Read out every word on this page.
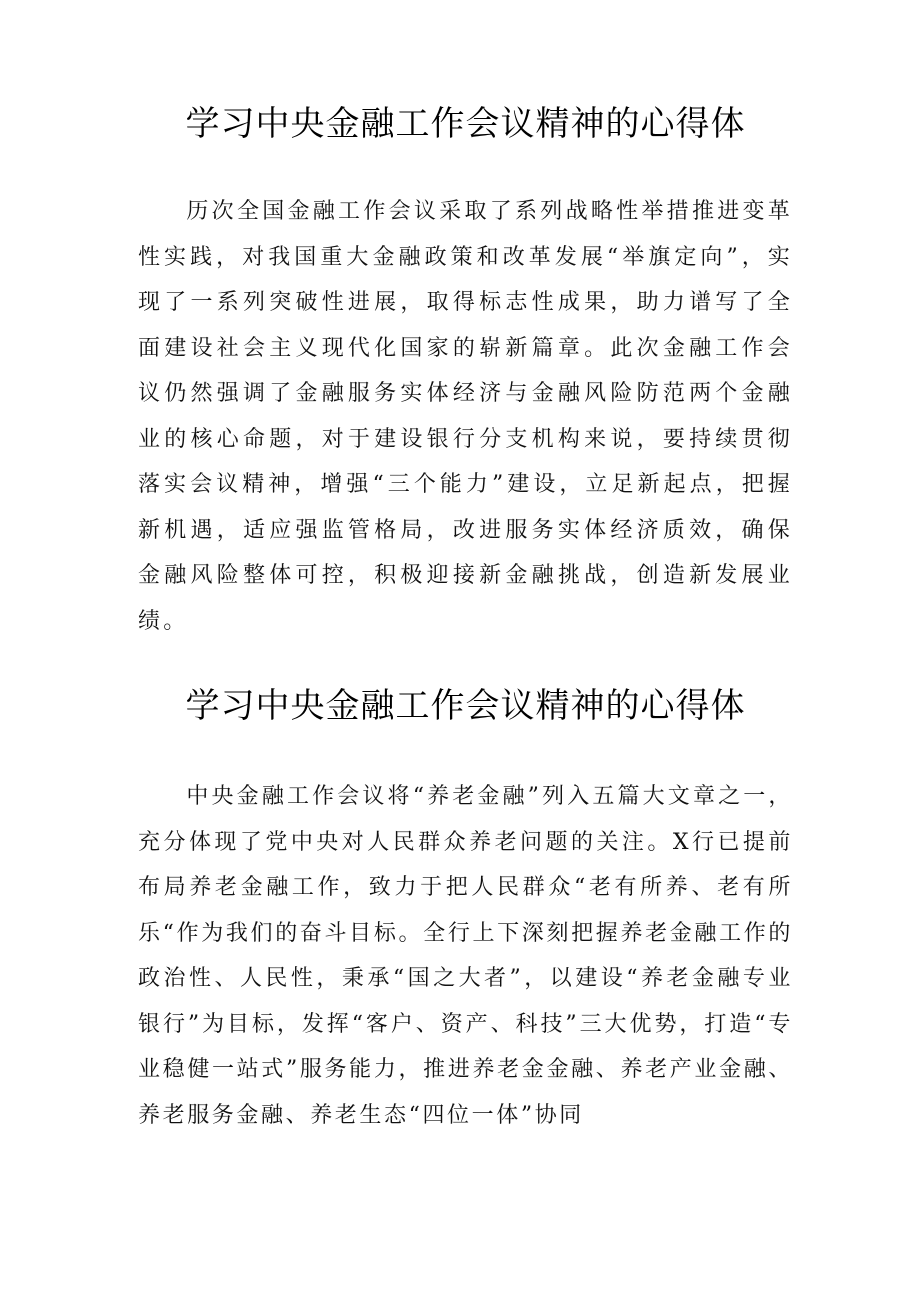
学习中央金融工作会议精神的心得体

历次全国金融工作会议采取了系列战略性举措推进变革性实践，对我国重大金融政策和改革发展“举旗定向”，实现了一系列突破性进展，取得标志性成果，助力谱写了全面建设社会主义现代化国家的崭新篇章。此次金融工作会议仍然强调了金融服务实体经济与金融风险防范两个金融业的核心命题，对于建设银行分支机构来说，要持续贯彻落实会议精神，增强“三个能力”建设，立足新起点，把握新机遇，适应强监管格局，改进服务实体经济质效，确保金融风险整体可控，积极迎接新金融挑战，创造新发展业绩。

学习中央金融工作会议精神的心得体

中央金融工作会议将“养老金融”列入五篇大文章之一，充分体现了党中央对人民群众养老问题的关注。X行已提前布局养老金融工作，致力于把人民群众“老有所养、老有所乐“作为我们的奋斗目标。全行上下深刻把握养老金融工作的政治性、人民性，秉承“国之大者”，以建设“养老金融专业银行”为目标，发挥“客户、资产、科技”三大优势，打造“专业稳健一站式”服务能力，推进养老金金融、养老产业金融、养老服务金融、养老生态“四位一体”协同
